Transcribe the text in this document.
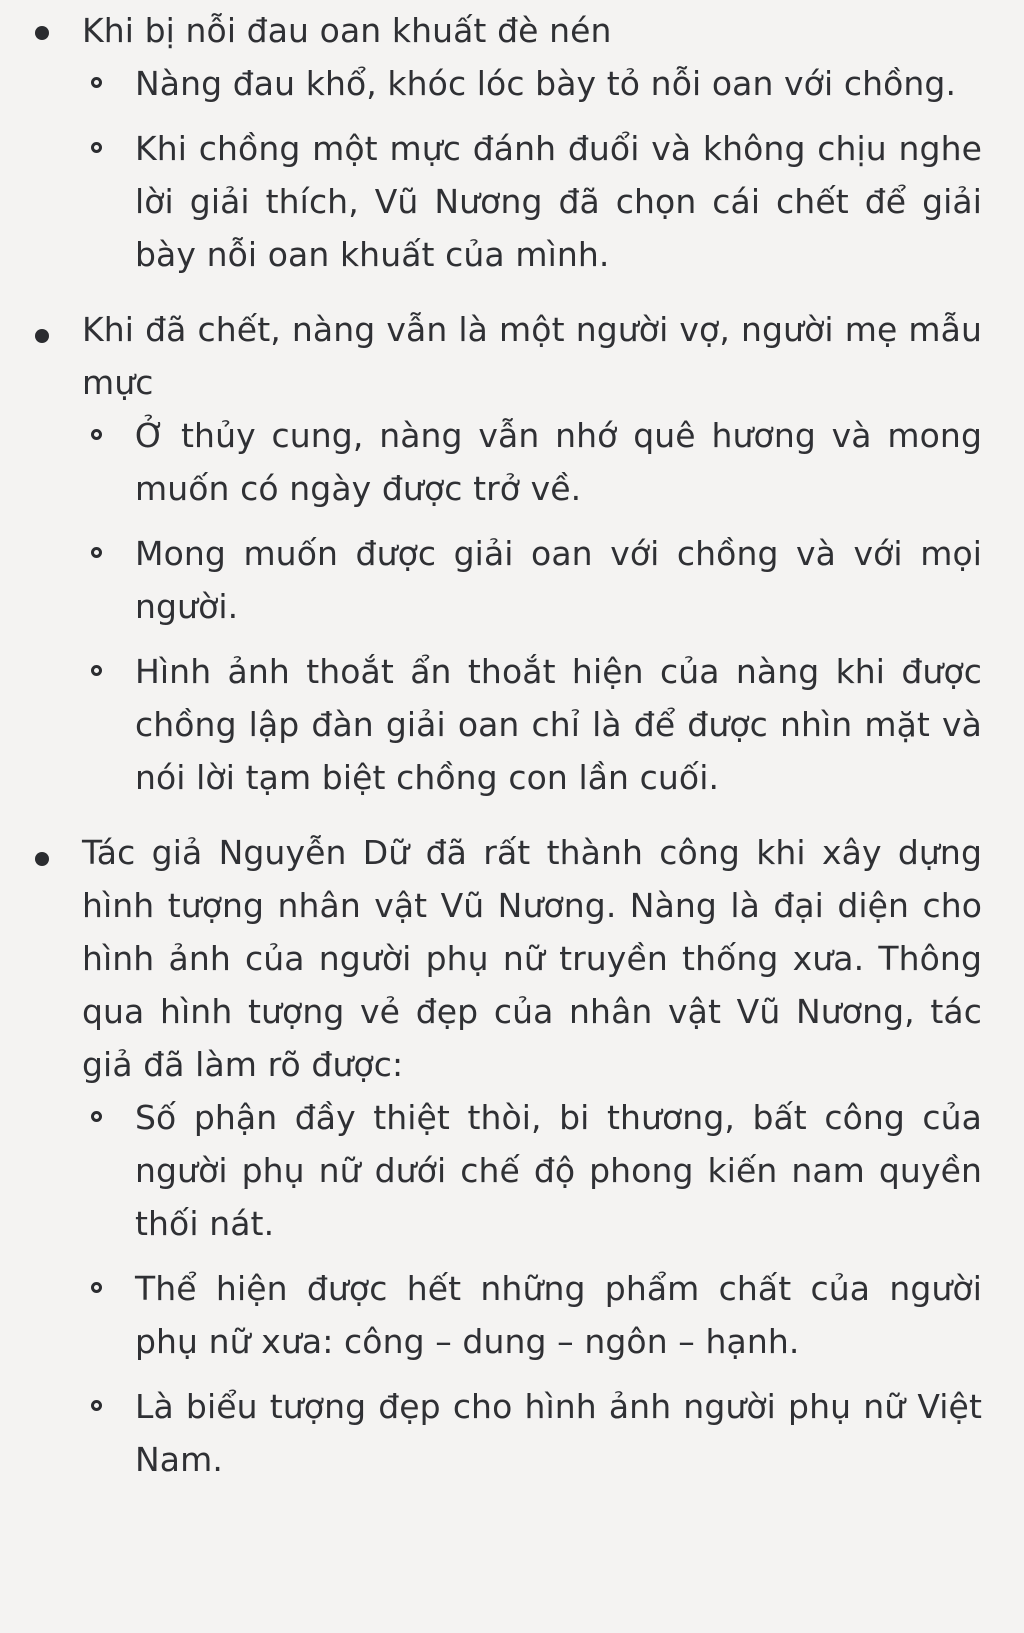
Khi bị nỗi đau oan khuất đè nén
Nàng đau khổ, khóc lóc bày tỏ nỗi oan với chồng.
Khi chồng một mực đánh đuổi và không chịu nghe lời giải thích, Vũ Nương đã chọn cái chết để giải bày nỗi oan khuất của mình.
Khi đã chết, nàng vẫn là một người vợ, người mẹ mẫu mực
Ở thủy cung, nàng vẫn nhớ quê hương và mong muốn có ngày được trở về.
Mong muốn được giải oan với chồng và với mọi người.
Hình ảnh thoắt ẩn thoắt hiện của nàng khi được chồng lập đàn giải oan chỉ là để được nhìn mặt và nói lời tạm biệt chồng con lần cuối.
Tác giả Nguyễn Dữ đã rất thành công khi xây dựng hình tượng nhân vật Vũ Nương. Nàng là đại diện cho hình ảnh của người phụ nữ truyền thống xưa. Thông qua hình tượng vẻ đẹp của nhân vật Vũ Nương, tác giả đã làm rõ được:
Số phận đầy thiệt thòi, bi thương, bất công của người phụ nữ dưới chế độ phong kiến nam quyền thối nát.
Thể hiện được hết những phẩm chất của người phụ nữ xưa: công – dung – ngôn – hạnh.
Là biểu tượng đẹp cho hình ảnh người phụ nữ Việt Nam.
